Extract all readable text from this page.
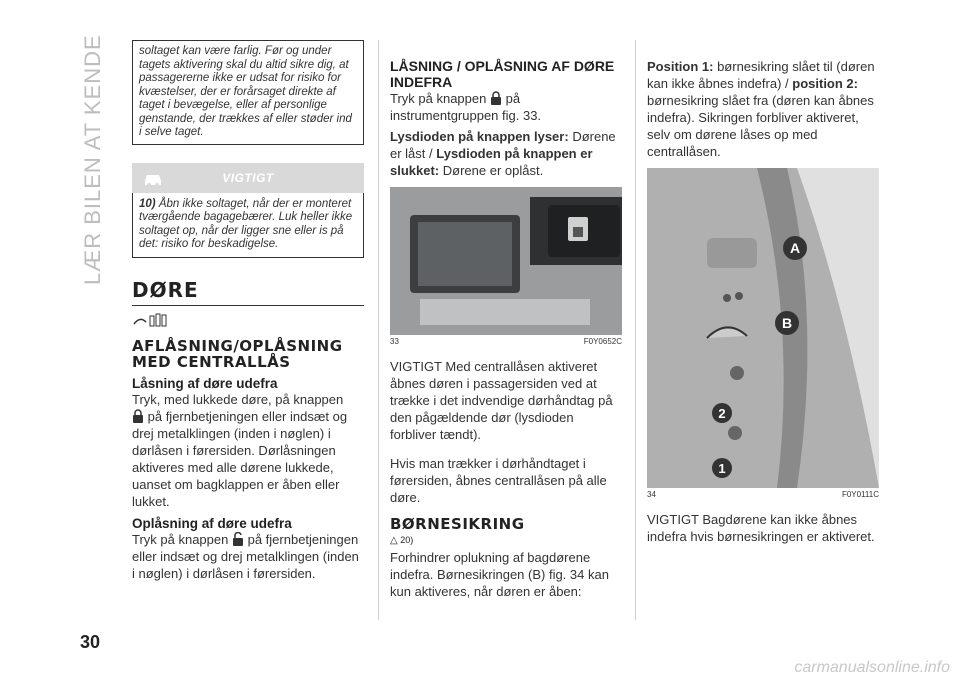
LÆR BILEN AT KENDE	soltaget kan være farlig. Før og under tagets aktivering skal du altid sikre dig, at passagererne ikke er udsat for risiko for kvæstelser, der er forårsaget direkte af taget i bevægelse, eller af personlige genstande, der trækkes af eller støder ind i selve taget.
VIGTIGT
10) Åbn ikke soltaget, når der er monteret tværgående bagagebærer. Luk heller ikke soltaget op, når der ligger sne eller is på det: risiko for beskadigelse.
DØRE
AFLÅSNING/OPLÅSNING MED CENTRALLÅS
Låsning af døre udefra
Tryk, med lukkede døre, på knappen
på fjernbetjeningen eller indsæt og drej metalklingen (inden i nøglen) i dørlåsen i førersiden. Dørlåsningen aktiveres med alle dørene lukkede, uanset om bagklappen er åben eller lukket.
Oplåsning af døre udefra
Tryk på knappen på fjernbetjeningen eller indsæt og drej metalklingen (inden i nøglen) i dørlåsen i førersiden.
LÅSNING / OPLÅSNING AF DØRE INDEFRA
Tryk på knappen på instrumentgruppen fig. 33.
Lysdioden på knappen lyser: Dørene er låst / Lysdioden på knappen er slukket: Dørene er oplåst.
33	F0Y0652C
VIGTIGT Med centrallåsen aktiveret åbnes døren i passagersiden ved at trække i det indvendige dørhåndtag på den pågældende dør (lysdioden forbliver tændt).
Hvis man trækker i dørhåndtaget i førersiden, åbnes centrallåsen på alle døre.
BØRNESIKRING
△ 20)
Forhindrer oplukning af bagdørene indefra. Børnesikringen (B) fig. 34 kan kun aktiveres, når døren er åben:
Position 1: børnesikring slået til (døren kan ikke åbnes indefra) / position 2: børnesikring slået fra (døren kan åbnes indefra). Sikringen forbliver aktiveret, selv om dørene låses op med centrallåsen.
A
B
2
1
34	F0Y0111C
VIGTIGT Bagdørene kan ikke åbnes indefra hvis børnesikringen er aktiveret.
30
carmanualsonline.info
